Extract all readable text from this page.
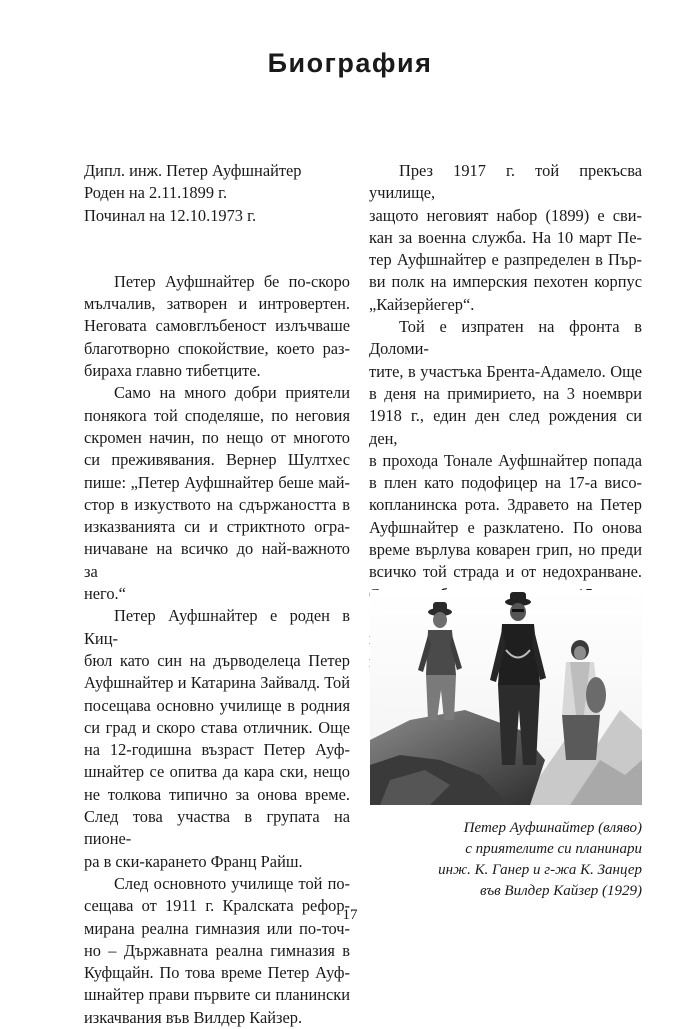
Биография

Дипл. инж. Петер Ауфшнайтер

Роден на 2.11.1899 г.

Починал на 12.10.1973 г.

Петер Ауфшнайтер бе по-скоро

мълчалив, затворен и интровертен.

Неговата самовглъбеност излъчваше

благотворно спокойствие, което раз-

бираха главно тибетците.

Само на много добри приятели

понякога той споделяше, по неговия

скромен начин, по нещо от многото

си преживявания. Вернер Шултхес

пише: „Петер Ауфшнайтер беше май-

стор в изкуството на сдържаността в

изказванията си и стриктното огра-

ничаване на всичко до най-важното за

него.“

Петер Ауфшнайтер е роден в Киц-

бюл като син на дърводелеца Петер

Ауфшнайтер и Катарина Зайвалд. Той

посещава основно училище в родния

си град и скоро става отличник. Още

на 12-годишна възраст Петер Ауф-

шнайтер се опитва да кара ски, нещо

не толкова типично за онова време.

След това участва в групата на пионе-

ра в ски-карането Франц Райш.

След основното училище той по-

сещава от 1911 г. Кралската рефор-

мирана реална гимназия или по-точ-

но – Държавната реална гимназия в

Куфщайн. По това време Петер Ауф-

шнайтер прави първите си планински

изкачвания във Вилдер Кайзер.

През 1917 г. той прекъсва училище,

защото неговият набор (1899) е сви-

кан за военна служба. На 10 март Пе-

тер Ауфшнайтер е разпределен в Пър-

ви полк на имперския пехотен корпус

„Кайзерйегер“.

Той е изпратен на фронта в Доломи-

тите, в участъка Брента-Адамело. Още

в деня на примирието, на 3 ноември

1918 г., един ден след рождения си ден,

в прохода Тонале Ауфшнайтер попада

в плен като подофицер на 17-а висо-

копланинска рота. Здравето на Петер

Ауфшнайтер е разклатено. По онова

време върлува коварен грип, но преди

всичко той страда и от недохранване.

Петер Ауфшнайтер (вляво)
с приятелите си планинари
инж. К. Ганер и г-жа К. Занцер
във Вилдер Кайзер (1929)
17
